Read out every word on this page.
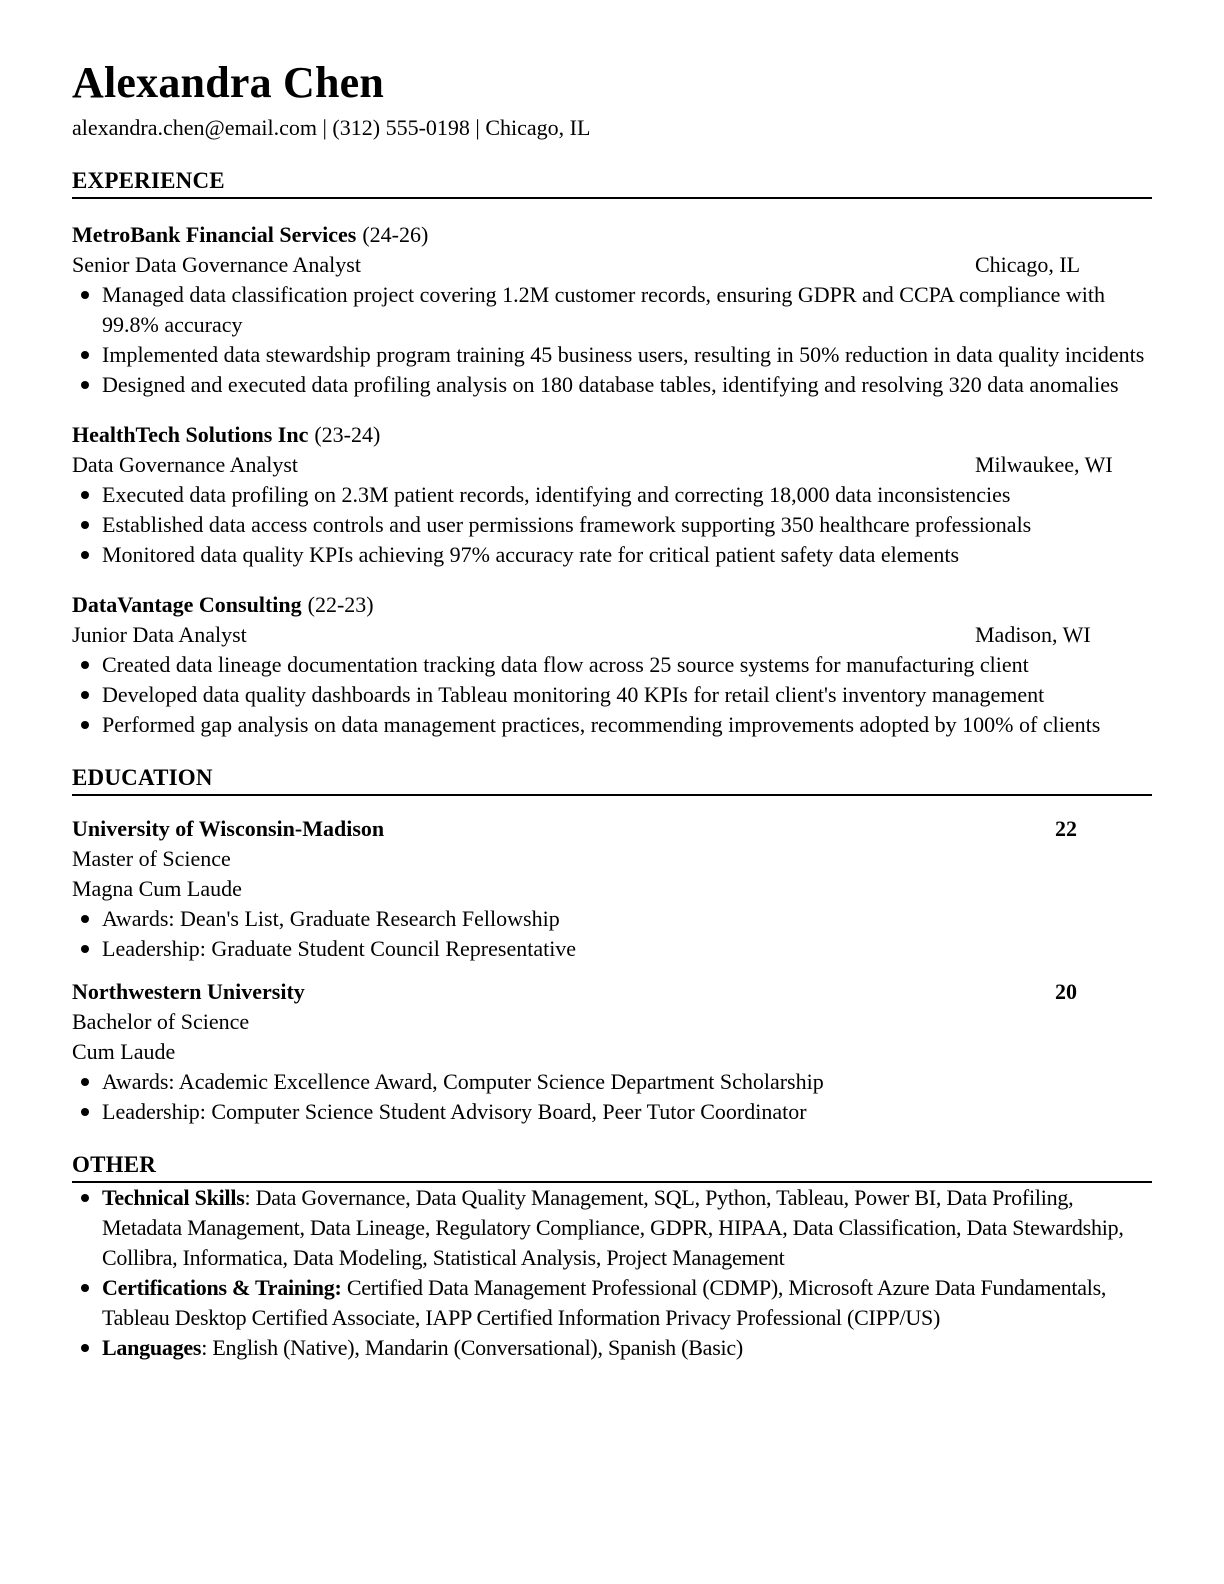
Alexandra Chen
alexandra.chen@email.com | (312) 555-0198 | Chicago, IL
EXPERIENCE
MetroBank Financial Services (24-26)
Senior Data Governance Analyst	Chicago, IL
Managed data classification project covering 1.2M customer records, ensuring GDPR and CCPA compliance with 99.8% accuracy
Implemented data stewardship program training 45 business users, resulting in 50% reduction in data quality incidents
Designed and executed data profiling analysis on 180 database tables, identifying and resolving 320 data anomalies
HealthTech Solutions Inc (23-24)
Data Governance Analyst	Milwaukee, WI
Executed data profiling on 2.3M patient records, identifying and correcting 18,000 data inconsistencies
Established data access controls and user permissions framework supporting 350 healthcare professionals
Monitored data quality KPIs achieving 97% accuracy rate for critical patient safety data elements
DataVantage Consulting (22-23)
Junior Data Analyst	Madison, WI
Created data lineage documentation tracking data flow across 25 source systems for manufacturing client
Developed data quality dashboards in Tableau monitoring 40 KPIs for retail client's inventory management
Performed gap analysis on data management practices, recommending improvements adopted by 100% of clients
EDUCATION
University of Wisconsin-Madison	22
Master of Science
Magna Cum Laude
Awards: Dean's List, Graduate Research Fellowship
Leadership: Graduate Student Council Representative
Northwestern University	20
Bachelor of Science
Cum Laude
Awards: Academic Excellence Award, Computer Science Department Scholarship
Leadership: Computer Science Student Advisory Board, Peer Tutor Coordinator
OTHER
Technical Skills: Data Governance, Data Quality Management, SQL, Python, Tableau, Power BI, Data Profiling, Metadata Management, Data Lineage, Regulatory Compliance, GDPR, HIPAA, Data Classification, Data Stewardship, Collibra, Informatica, Data Modeling, Statistical Analysis, Project Management
Certifications & Training: Certified Data Management Professional (CDMP), Microsoft Azure Data Fundamentals, Tableau Desktop Certified Associate, IAPP Certified Information Privacy Professional (CIPP/US)
Languages: English (Native), Mandarin (Conversational), Spanish (Basic)
